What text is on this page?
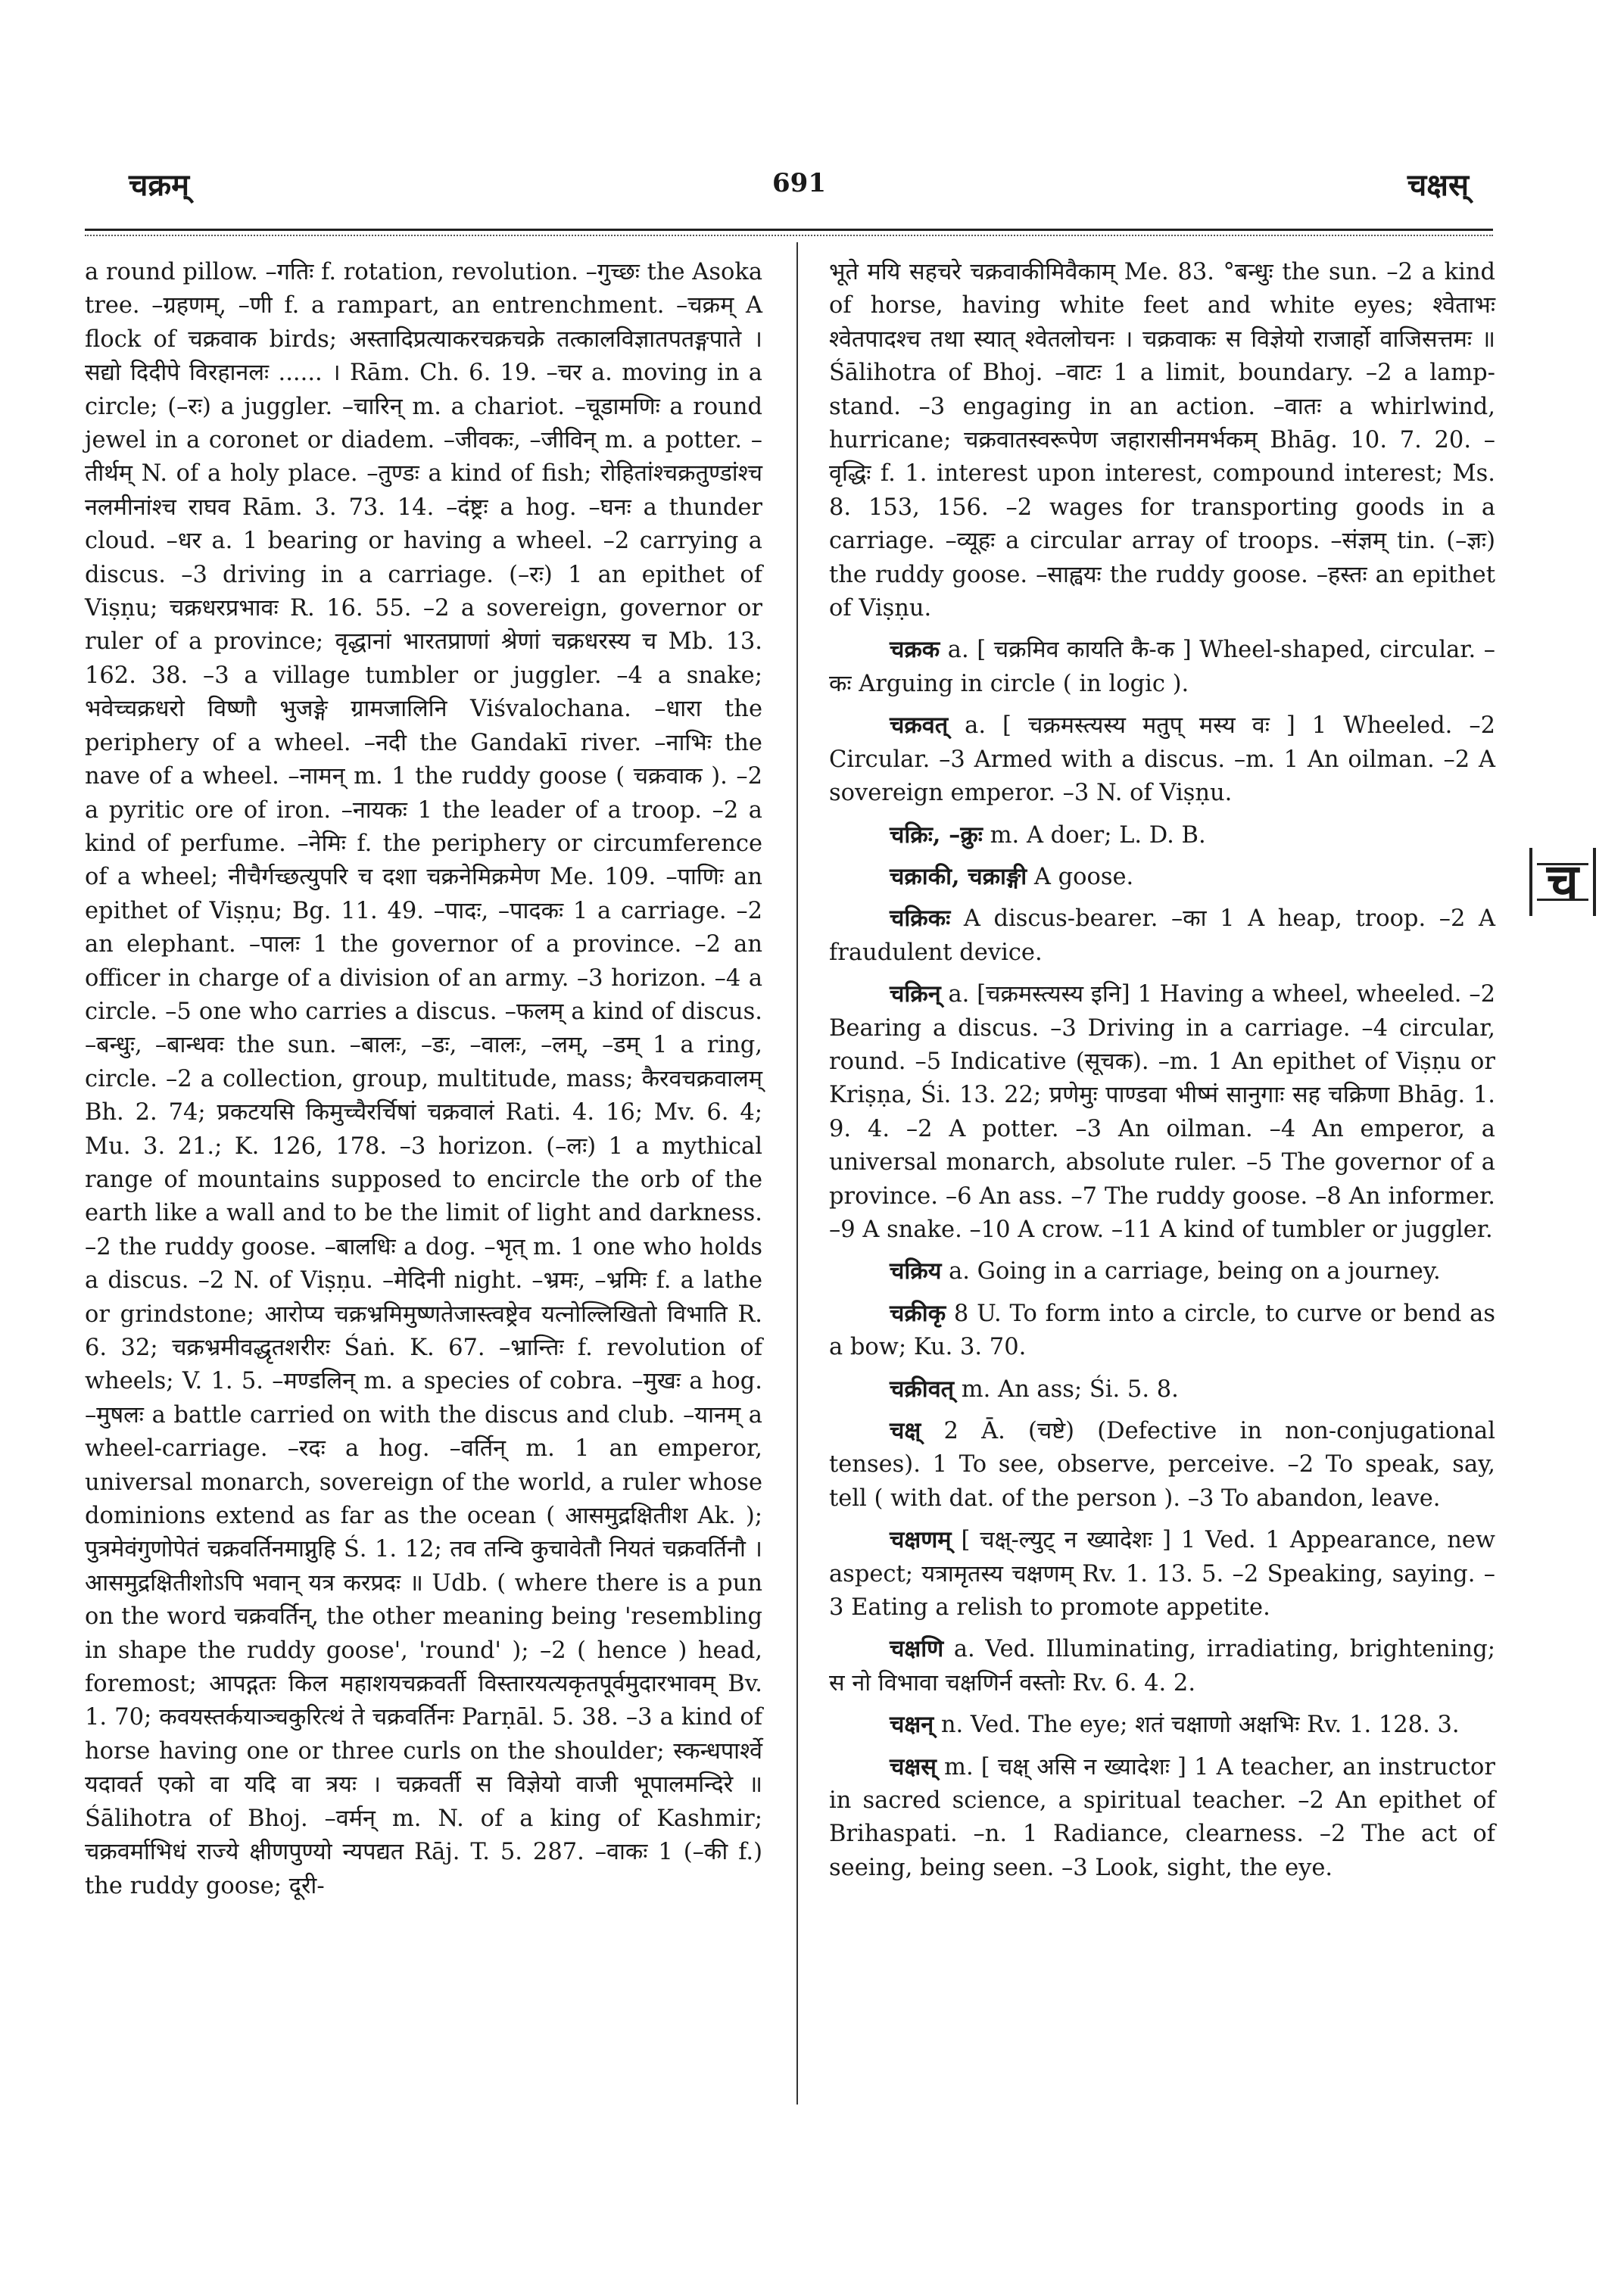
चक्रम्	691	चक्षस्

a round pillow. –गतिः f. rotation, revolution. –गुच्छः the Asoka tree. –ग्रहणम्, –णी f. a rampart, an entrenchment. –चक्रम् A flock of चक्रवाक birds; अस्तादिप्रत्याकरचक्रचक्रे तत्कालविज्ञातपतङ्गपाते । सद्यो दिदीपे विरहानलः ...... । Rām. Ch. 6. 19. –चर a. moving in a circle; (–रः) a juggler. –चारिन् m. a chariot. –चूडामणिः a round jewel in a coronet or diadem. –जीवकः, –जीविन् m. a potter. –तीर्थम् N. of a holy place. –तुण्डः a kind of fish; रोहितांश्चक्रतुण्डांश्च नलमीनांश्च राघव Rām. 3. 73. 14. –दंष्ट्रः a hog. –घनः a thunder cloud. –धर a. 1 bearing or having a wheel. –2 carrying a discus. –3 driving in a carriage. (–रः) 1 an epithet of Viṣṇu; चक्रधरप्रभावः R. 16. 55. –2 a sovereign, governor or ruler of a province; वृद्धानां भारतप्राणां श्रेणां चक्रधरस्य च Mb. 13. 162. 38. –3 a village tumbler or juggler. –4 a snake; भवेच्चक्रधरो विष्णौ भुजङ्गे ग्रामजालिनि Viśvalochana. –धारा the periphery of a wheel. –नदी the Gandakī river. –नाभिः the nave of a wheel. –नामन् m. 1 the ruddy goose ( चक्रवाक ). –2 a pyritic ore of iron. –नायकः 1 the leader of a troop. –2 a kind of perfume. –नेमिः f. the periphery or circumference of a wheel; नीचैर्गच्छत्युपरि च दशा चक्रनेमिक्रमेण Me. 109. –पाणिः an epithet of Viṣṇu; Bg. 11. 49. –पादः, –पादकः 1 a carriage. –2 an elephant. –पालः 1 the governor of a province. –2 an officer in charge of a division of an army. –3 horizon. –4 a circle. –5 one who carries a discus. –फलम् a kind of discus. –बन्धुः, –बान्धवः the sun. –बालः, –डः, –वालः, –लम्, –डम् 1 a ring, circle. –2 a collection, group, multitude, mass; कैरवचक्रवालम् Bh. 2. 74; प्रकटयसि किमुच्चैरर्चिषां चक्रवालं Rati. 4. 16; Mv. 6. 4; Mu. 3. 21.; K. 126, 178. –3 horizon. (–लः) 1 a mythical range of mountains supposed to encircle the orb of the earth like a wall and to be the limit of light and darkness. –2 the ruddy goose. –बालधिः a dog. –भृत् m. 1 one who holds a discus. –2 N. of Viṣṇu. –मेदिनी night. –भ्रमः, –भ्रमिः f. a lathe or grindstone; आरोप्य चक्रभ्रमिमुष्णतेजास्त्वष्ट्रेव यत्नोल्लिखितो विभाति R. 6. 32; चक्रभ्रमीवद्धृतशरीरः Śaṅ. K. 67. –भ्रान्तिः f. revolution of wheels; V. 1. 5. –मण्डलिन् m. a species of cobra. –मुखः a hog. –मुषलः a battle carried on with the discus and club. –यानम् a wheel-carriage. –रदः a hog. –वर्तिन् m. 1 an emperor, universal monarch, sovereign of the world, a ruler whose dominions extend as far as the ocean ( आसमुद्रक्षितीश Ak. ); पुत्रमेवंगुणोपेतं चक्रवर्तिनमाप्नुहि Ś. 1. 12; तव तन्वि कुचावेतौ नियतं चक्रवर्तिनौ । आसमुद्रक्षितीशोऽपि भवान् यत्र करप्रदः ॥ Udb. ( where there is a pun on the word चक्रवर्तिन्, the other meaning being 'resembling in shape the ruddy goose', 'round' ); –2 ( hence ) head, foremost; आपद्गतः किल महाशयचक्रवर्ती विस्तारयत्यकृतपूर्वमुदारभावम् Bv. 1. 70; कवयस्तर्कयाञ्चकुरित्थं ते चक्रवर्तिनः Parṇāl. 5. 38. –3 a kind of horse having one or three curls on the shoulder; स्कन्धपार्श्वे यदावर्त एको वा यदि वा त्रयः । चक्रवर्ती स विज्ञेयो वाजी भूपालमन्दिरे ॥ Śālihotra of Bhoj. –वर्मन् m. N. of a king of Kashmir; चक्रवर्माभिधं राज्ये क्षीणपुण्यो न्यपद्यत Rāj. T. 5. 287. –वाकः 1 (–की f.) the ruddy goose; दूरी-

भूते मयि सहचरे चक्रवाकीमिवैकाम् Me. 83. °बन्धुः the sun. –2 a kind of horse, having white feet and white eyes; श्वेताभः श्वेतपादश्च तथा स्यात् श्वेतलोचनः । चक्रवाकः स विज्ञेयो राजार्हो वाजिसत्तमः ॥ Śālihotra of Bhoj. –वाटः 1 a limit, boundary. –2 a lamp-stand. –3 engaging in an action. –वातः a whirlwind, hurricane; चक्रवातस्वरूपेण जहारासीनमर्भकम् Bhāg. 10. 7. 20. –वृद्धिः f. 1. interest upon interest, compound interest; Ms. 8. 153, 156. –2 wages for transporting goods in a carriage. –व्यूहः a circular array of troops. –संज्ञम् tin. (–ज्ञः) the ruddy goose. –साह्वयः the ruddy goose. –हस्तः an epithet of Viṣṇu.

चक्रक a. [ चक्रमिव कायति कै-क ] Wheel-shaped, circular. –कः Arguing in circle ( in logic ).

चक्रवत् a. [ चक्रमस्त्यस्य मतुप् मस्य वः ] 1 Wheeled. –2 Circular. –3 Armed with a discus. –m. 1 An oilman. –2 A sovereign emperor. –3 N. of Viṣṇu.

चक्रिः, –क्रुः m. A doer; L. D. B.

चक्राकी, चक्राङ्गी A goose.

चक्रिकः A discus-bearer. –का 1 A heap, troop. –2 A fraudulent device.

चक्रिन् a. [चक्रमस्त्यस्य इनि] 1 Having a wheel, wheeled. –2 Bearing a discus. –3 Driving in a carriage. –4 circular, round. –5 Indicative (सूचक). –m. 1 An epithet of Viṣṇu or Kriṣṇa, Śi. 13. 22; प्रणेमुः पाण्डवा भीष्मं सानुगाः सह चक्रिणा Bhāg. 1. 9. 4. –2 A potter. –3 An oilman. –4 An emperor, a universal monarch, absolute ruler. –5 The governor of a province. –6 An ass. –7 The ruddy goose. –8 An informer. –9 A snake. –10 A crow. –11 A kind of tumbler or juggler.

चक्रिय a. Going in a carriage, being on a journey.

चक्रीकृ 8 U. To form into a circle, to curve or bend as a bow; Ku. 3. 70.

चक्रीवत् m. An ass; Śi. 5. 8.

चक्ष् 2 Ā. (चष्टे) (Defective in non-conjugational tenses). 1 To see, observe, perceive. –2 To speak, say, tell ( with dat. of the person ). –3 To abandon, leave.

चक्षणम् [ चक्ष्-ल्युट् न ख्यादेशः ] 1 Ved. 1 Appearance, new aspect; यत्रामृतस्य चक्षणम् Rv. 1. 13. 5. –2 Speaking, saying. –3 Eating a relish to promote appetite.

चक्षणि a. Ved. Illuminating, irradiating, brightening; स नो विभावा चक्षणिर्न वस्तोः Rv. 6. 4. 2.

चक्षन् n. Ved. The eye; शतं चक्षाणो अक्षभिः Rv. 1. 128. 3.

चक्षस् m. [ चक्ष् असि न ख्यादेशः ] 1 A teacher, an instructor in sacred science, a spiritual teacher. –2 An epithet of Brihaspati. –n. 1 Radiance, clearness. –2 The act of seeing, being seen. –3 Look, sight, the eye.

च
